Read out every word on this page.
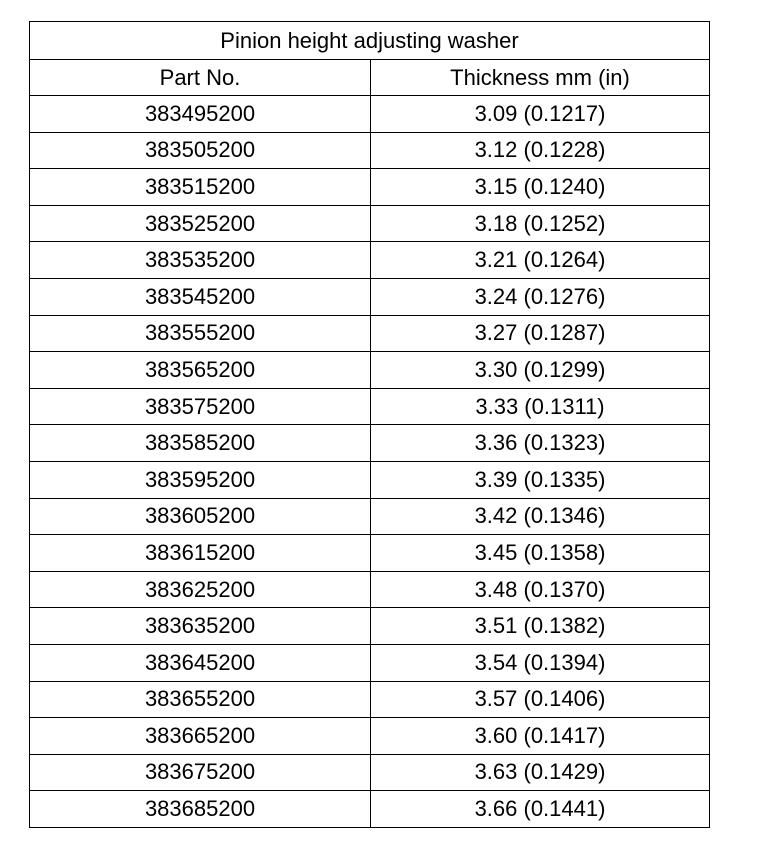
Pinion height adjusting washer	
Part No.	Thickness mm (in)
383495200	3.09 (0.1217)
383505200	3.12 (0.1228)
383515200	3.15 (0.1240)
383525200	3.18 (0.1252)
383535200	3.21 (0.1264)
383545200	3.24 (0.1276)
383555200	3.27 (0.1287)
383565200	3.30 (0.1299)
383575200	3.33 (0.1311)
383585200	3.36 (0.1323)
383595200	3.39 (0.1335)
383605200	3.42 (0.1346)
383615200	3.45 (0.1358)
383625200	3.48 (0.1370)
383635200	3.51 (0.1382)
383645200	3.54 (0.1394)
383655200	3.57 (0.1406)
383665200	3.60 (0.1417)
383675200	3.63 (0.1429)
383685200	3.66 (0.1441)
